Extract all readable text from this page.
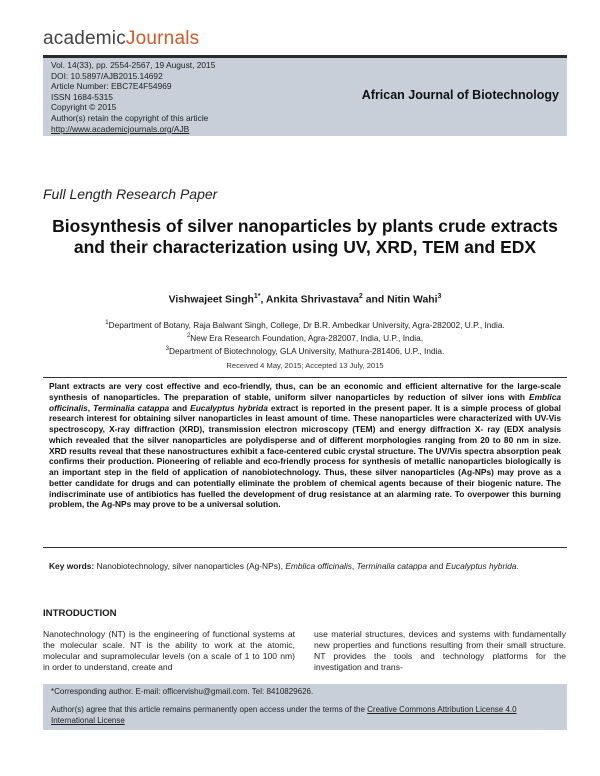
academicJournals
Vol. 14(33), pp. 2554-2567, 19 August, 2015
DOI: 10.5897/AJB2015.14692
Article Number: EBC7E4F54969
ISSN 1684-5315
Copyright © 2015
Author(s) retain the copyright of this article
http://www.academicjournals.org/AJB
African Journal of Biotechnology
Full Length Research Paper
Biosynthesis of silver nanoparticles by plants crude extracts and their characterization using UV, XRD, TEM and EDX
Vishwajeet Singh$^{1*}$, Ankita Shrivastava$^2$ and Nitin Wahi$^3$
$^1$Department of Botany, Raja Balwant Singh, College, Dr B.R. Ambedkar University, Agra-282002, U.P., India.
$^2$New Era Research Foundation, Agra-282007, India, U.P., India.
$^3$Department of Biotechnology, GLA University, Mathura-281406, U.P., India.
Received 4 May, 2015; Accepted 13 July, 2015

Plant extracts are very cost effective and eco-friendly, thus, can be an economic and efficient alternative for the large-scale synthesis of nanoparticles. The preparation of stable, uniform silver nanoparticles by reduction of silver ions with Emblica officinalis, Terminalia catappa and Eucalyptus hybrida extract is reported in the present paper. It is a simple process of global research interest for obtaining silver nanoparticles in least amount of time. These nanoparticles were characterized with UV-Vis spectroscopy, X-ray diffraction (XRD), transmission electron microscopy (TEM) and energy diffraction X- ray (EDX analysis which revealed that the silver nanoparticles are polydisperse and of different morphologies ranging from 20 to 80 nm in size. XRD results reveal that these nanostructures exhibit a face-centered cubic crystal structure. The UV/Vis spectra absorption peak confirms their production. Pioneering of reliable and eco-friendly process for synthesis of metallic nanoparticles biologically is an important step in the field of application of nanobiotechnology. Thus, these silver nanoparticles (Ag-NPs) may prove as a better candidate for drugs and can potentially eliminate the problem of chemical agents because of their biogenic nature. The indiscriminate use of antibiotics has fuelled the development of drug resistance at an alarming rate. To overpower this burning problem, the Ag-NPs may prove to be a universal solution.

Key words: Nanobiotechnology, silver nanoparticles (Ag-NPs), Emblica officinalis, Terminalia catappa and Eucalyptus hybrida.
INTRODUCTION
Nanotechnology (NT) is the engineering of functional systems at the molecular scale. NT is the ability to work at the atomic, molecular and supramolecular levels (on a scale of 1 to 100 nm) in order to understand, create and
use material structures, devices and systems with fundamentally new properties and functions resulting from their small structure. NT provides the tools and technology platforms for the investigation and trans-
*Corresponding author. E-mail: officervishu@gmail.com. Tel: 8410829626.
Author(s) agree that this article remains permanently open access under the terms of the Creative Commons Attribution License 4.0 International License
